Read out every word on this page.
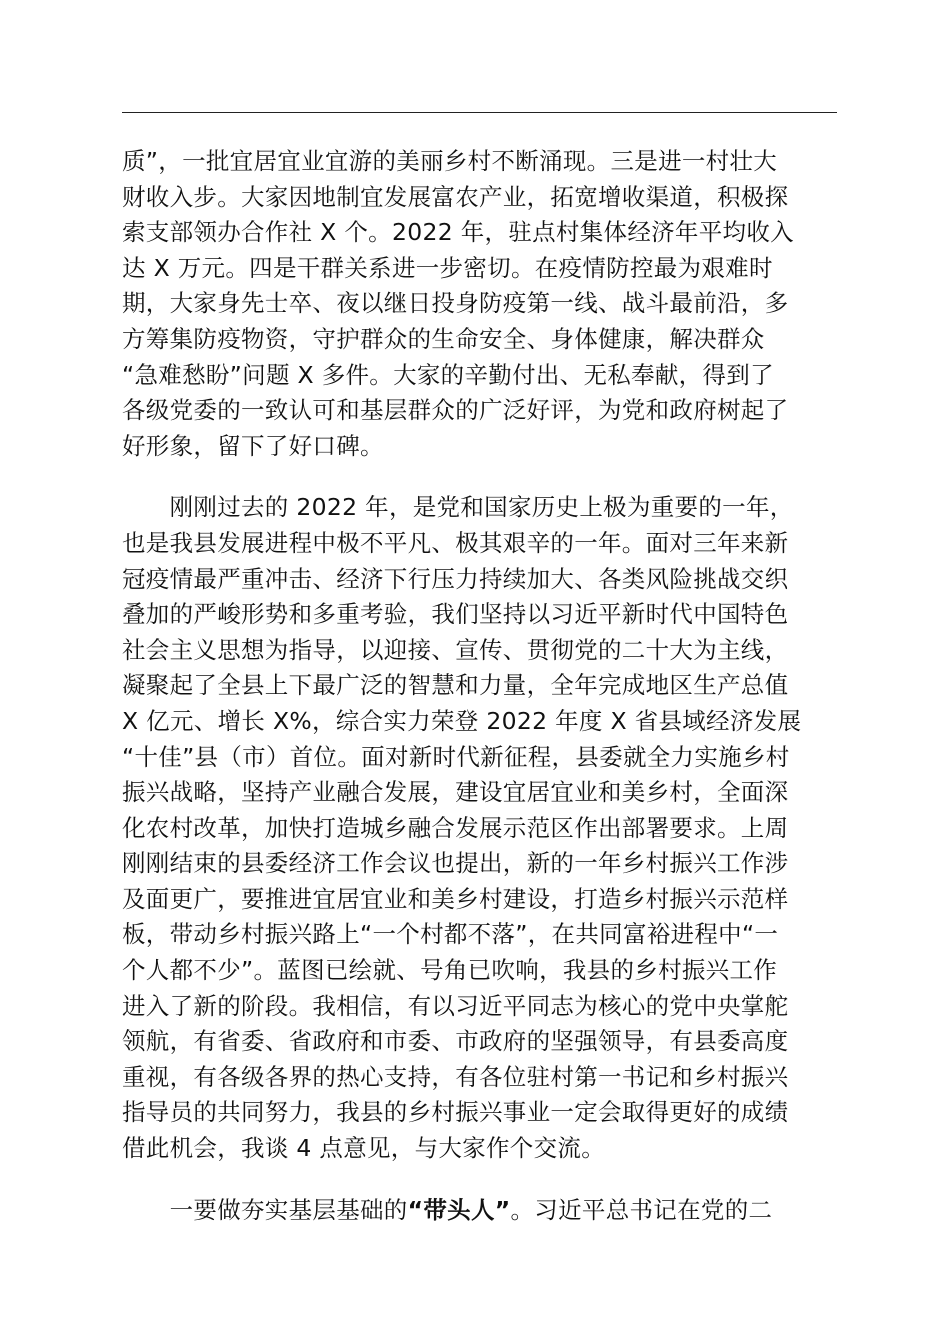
质”，一批宜居宜业宜游的美丽乡村不断涌现。三是进一村壮大
财收入步。大家因地制宜发展富农产业，拓宽增收渠道，积极探
索支部领办合作社 X 个。2022 年，驻点村集体经济年平均收入
达 X 万元。四是干群关系进一步密切。在疫情防控最为艰难时
期，大家身先士卒、夜以继日投身防疫第一线、战斗最前沿，多
方筹集防疫物资，守护群众的生命安全、身体健康，解决群众
“急难愁盼”问题 X 多件。大家的辛勤付出、无私奉献，得到了
各级党委的一致认可和基层群众的广泛好评，为党和政府树起了
好形象，留下了好口碑。
　　刚刚过去的 2022 年，是党和国家历史上极为重要的一年，
也是我县发展进程中极不平凡、极其艰辛的一年。面对三年来新
冠疫情最严重冲击、经济下行压力持续加大、各类风险挑战交织
叠加的严峻形势和多重考验，我们坚持以习近平新时代中国特色
社会主义思想为指导，以迎接、宣传、贯彻党的二十大为主线，
凝聚起了全县上下最广泛的智慧和力量，全年完成地区生产总值
X 亿元、增长 X%，综合实力荣登 2022 年度 X 省县域经济发展
“十佳”县（市）首位。面对新时代新征程，县委就全力实施乡村
振兴战略，坚持产业融合发展，建设宜居宜业和美乡村，全面深
化农村改革，加快打造城乡融合发展示范区作出部署要求。上周
刚刚结束的县委经济工作会议也提出，新的一年乡村振兴工作涉
及面更广，要推进宜居宜业和美乡村建设，打造乡村振兴示范样
板，带动乡村振兴路上“一个村都不落”，在共同富裕进程中“一
个人都不少”。蓝图已绘就、号角已吹响，我县的乡村振兴工作
进入了新的阶段。我相信，有以习近平同志为核心的党中央掌舵
领航，有省委、省政府和市委、市政府的坚强领导，有县委高度
重视，有各级各界的热心支持，有各位驻村第一书记和乡村振兴
指导员的共同努力，我县的乡村振兴事业一定会取得更好的成绩
借此机会，我谈 4 点意见，与大家作个交流。
　　一要做夯实基层基础的“带头人”。习近平总书记在党的二
